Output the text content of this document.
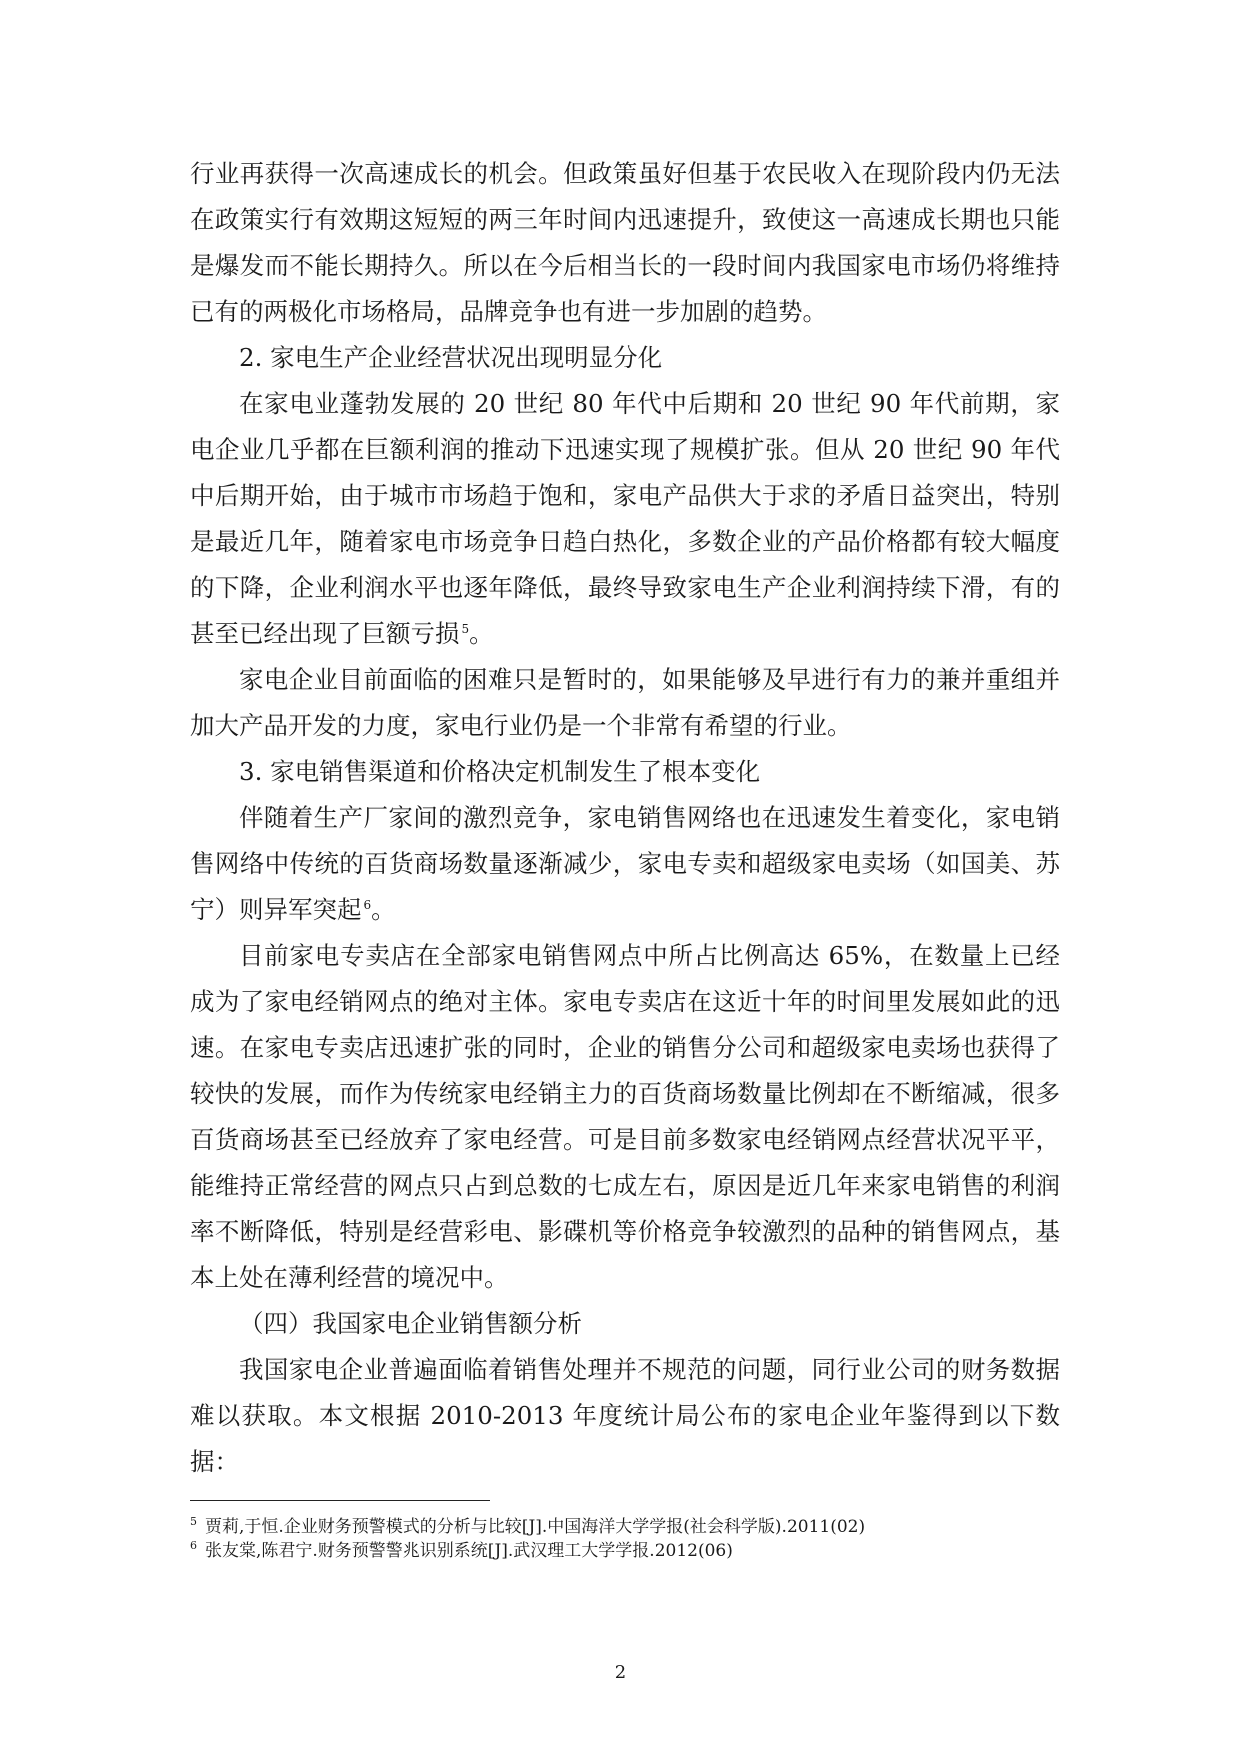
行业再获得一次高速成长的机会。但政策虽好但基于农民收入在现阶段内仍无法在政策实行有效期这短短的两三年时间内迅速提升，致使这一高速成长期也只能是爆发而不能长期持久。所以在今后相当长的一段时间内我国家电市场仍将维持已有的两极化市场格局，品牌竞争也有进一步加剧的趋势。

2. 家电生产企业经营状况出现明显分化

在家电业蓬勃发展的 20 世纪 80 年代中后期和 20 世纪 90 年代前期，家电企业几乎都在巨额利润的推动下迅速实现了规模扩张。但从 20 世纪 90 年代中后期开始，由于城市市场趋于饱和，家电产品供大于求的矛盾日益突出，特别是最近几年，随着家电市场竞争日趋白热化，多数企业的产品价格都有较大幅度的下降，企业利润水平也逐年降低，最终导致家电生产企业利润持续下滑，有的甚至已经出现了巨额亏损 $^5$。

家电企业目前面临的困难只是暂时的，如果能够及早进行有力的兼并重组并加大产品开发的力度，家电行业仍是一个非常有希望的行业。

3. 家电销售渠道和价格决定机制发生了根本变化

伴随着生产厂家间的激烈竞争，家电销售网络也在迅速发生着变化，家电销售网络中传统的百货商场数量逐渐减少，家电专卖和超级家电卖场（如国美、苏宁）则异军突起 $^6$。

目前家电专卖店在全部家电销售网点中所占比例高达 65%，在数量上已经成为了家电经销网点的绝对主体。家电专卖店在这近十年的时间里发展如此的迅速。在家电专卖店迅速扩张的同时，企业的销售分公司和超级家电卖场也获得了较快的发展，而作为传统家电经销主力的百货商场数量比例却在不断缩减，很多百货商场甚至已经放弃了家电经营。可是目前多数家电经销网点经营状况平平，能维持正常经营的网点只占到总数的七成左右，原因是近几年来家电销售的利润率不断降低，特别是经营彩电、影碟机等价格竞争较激烈的品种的销售网点，基本上处在薄利经营的境况中。

（四）我国家电企业销售额分析

我国家电企业普遍面临着销售处理并不规范的问题，同行业公司的财务数据难以获取。本文根据 2010-2013 年度统计局公布的家电企业年鉴得到以下数据：

$^5$ 贾莉,于恒.企业财务预警模式的分析与比较[J].中国海洋大学学报(社会科学版).2011(02)

$^6$ 张友棠,陈君宁.财务预警警兆识别系统[J].武汉理工大学学报.2012(06)

2
